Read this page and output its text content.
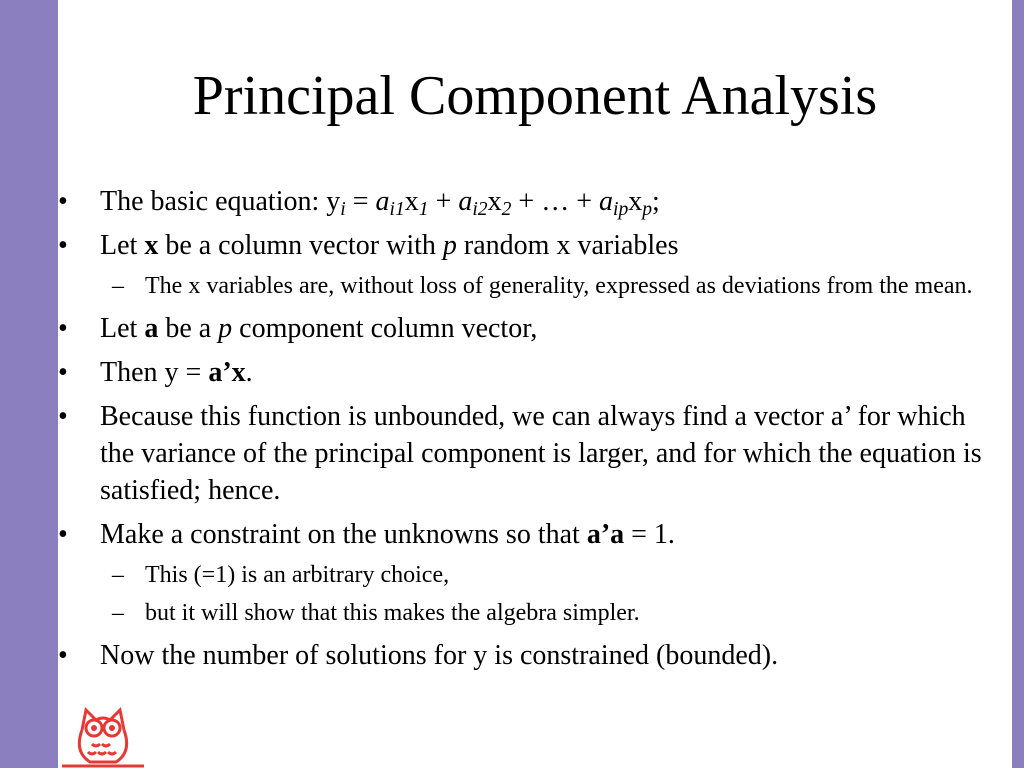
Principal Component Analysis
• The basic equation: yi = ai1x1 + ai2x2 + … + aipxp;
• Let x be a column vector with p random x variables
– The x variables are, without loss of generality, expressed as deviations from the mean.
• Let a be a p component column vector,
• Then y = a’x.
• Because this function is unbounded, we can always find a vector a’ for which the variance of the principal component is larger, and for which the equation is satisfied; hence.
• Make a constraint on the unknowns so that a’a = 1.
– This (=1) is an arbitrary choice,
– but it will show that this makes the algebra simpler.
• Now the number of solutions for y is constrained (bounded).
